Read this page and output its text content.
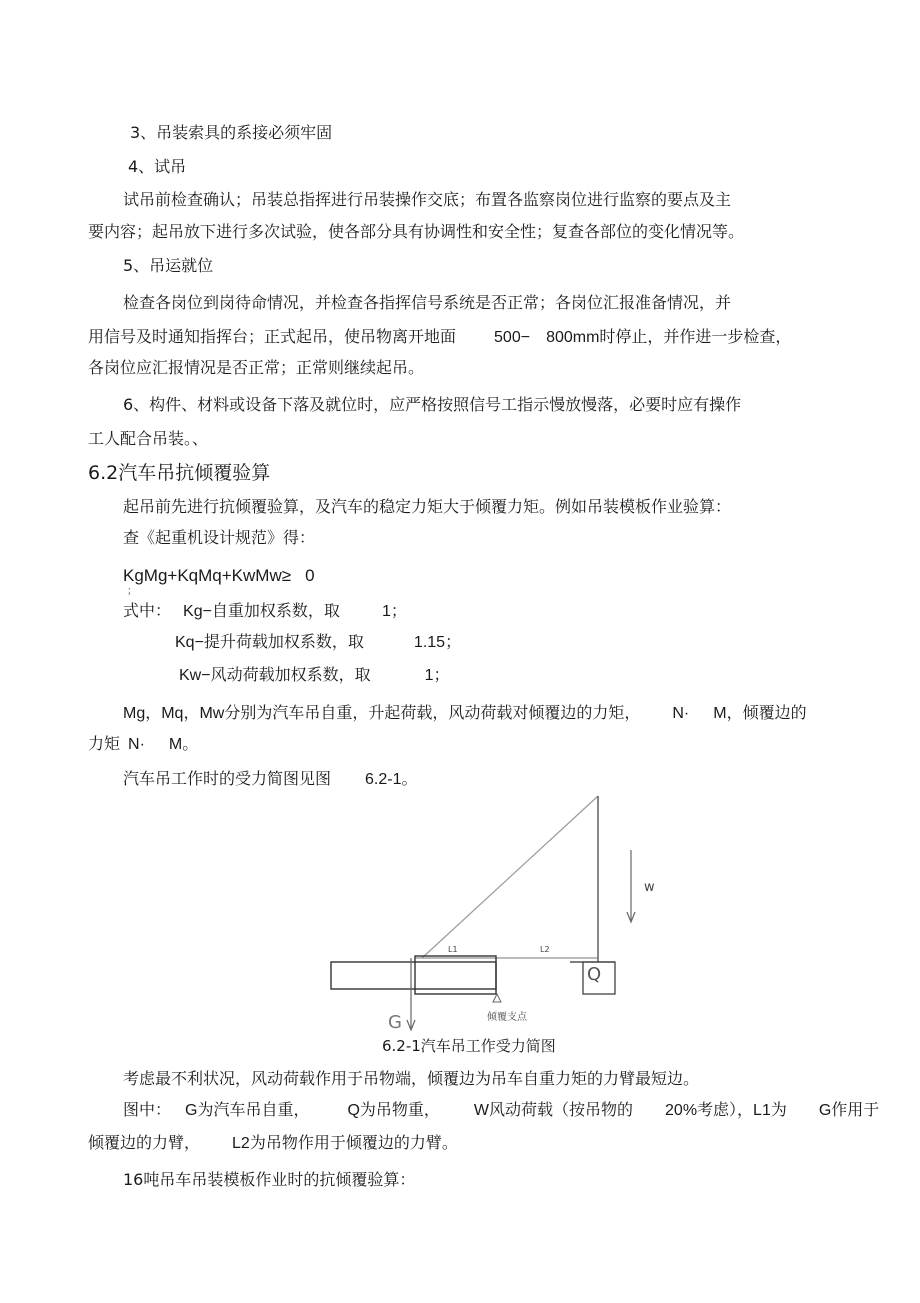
3、吊装索具的系接必须牢固
4、试吊
试吊前检查确认；吊装总指挥进行吊装操作交底；布置各监察岗位进行监察的要点及主
要内容；起吊放下进行多次试验，使各部分具有协调性和安全性；复查各部位的变化情况等。
5、吊运就位
检查各岗位到岗待命情况，并检查各指挥信号系统是否正常；各岗位汇报准备情况，并
用信号及时通知指挥台；正式起吊，使吊物离开地面 500− 800mm时停止，并作进一步检查，
各岗位应汇报情况是否正常；正常则继续起吊。
6、构件、材料或设备下落及就位时，应严格按照信号工指示慢放慢落，必要时应有操作
工人配合吊装。、
6.2汽车吊抗倾覆验算
起吊前先进行抗倾覆验算，及汽车的稳定力矩大于倾覆力矩。例如吊装模板作业验算：
查《起重机设计规范》得：
KgMg+KqMq+KwMw≥ 0
；
式中： Kg−自重加权系数，取	1；
Kq−提升荷载加权系数，取	1.15；
Kw−风动荷载加权系数，取	1；
Mg，Mq，Mw分别为汽车吊自重，升起荷载，风动荷载对倾覆边的力矩， N· M，倾覆边的
力矩 N· M。
汽车吊工作时的受力简图见图 6.2-1。
w
Q
G
L1	L2
倾覆支点
6.2-1汽车吊工作受力简图
考虑最不利状况，风动荷载作用于吊物端，倾覆边为吊车自重力矩的力臂最短边。
图中： G为汽车吊自重， Q为吊物重， W风动荷载（按吊物的 20%考虑），L1为 G作用于
倾覆边的力臂， L2为吊物作用于倾覆边的力臂。
16吨吊车吊装模板作业时的抗倾覆验算：
